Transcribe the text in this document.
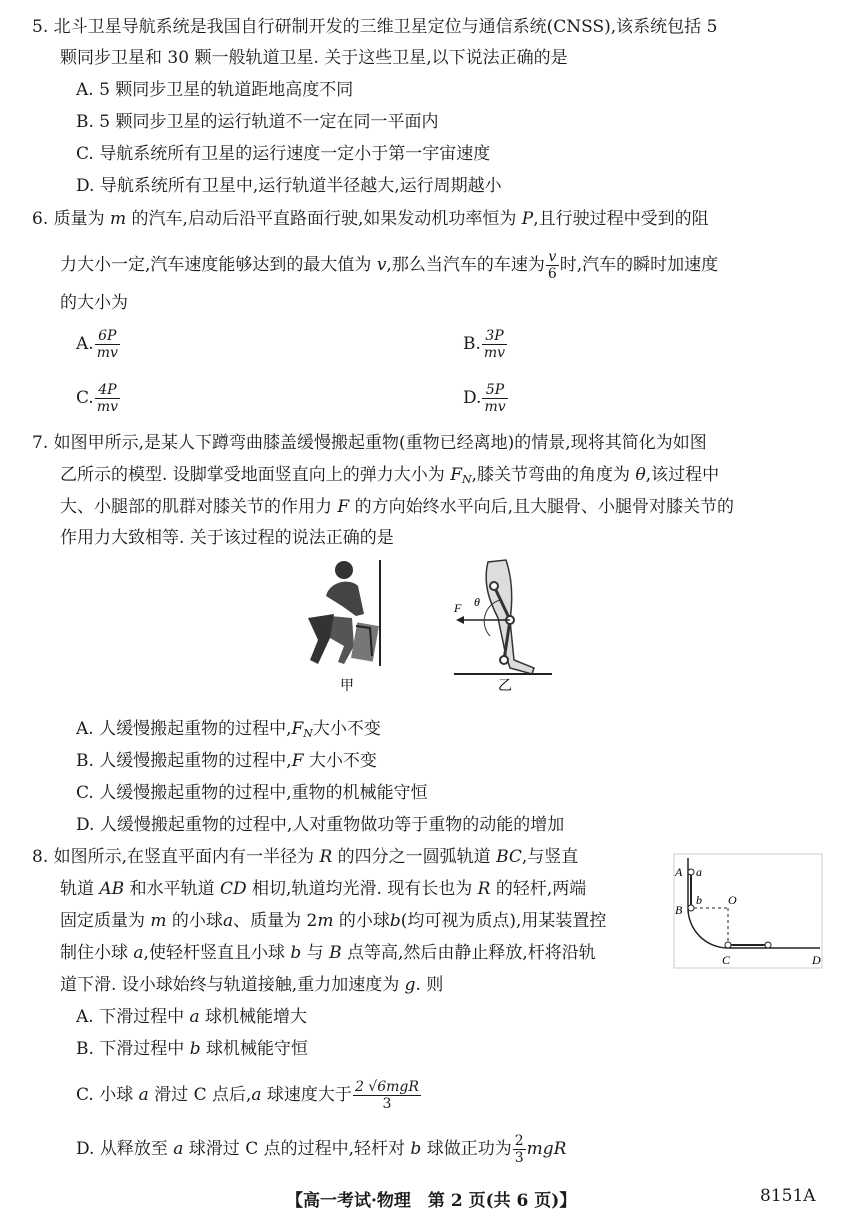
5. 北斗卫星导航系统是我国自行研制开发的三维卫星定位与通信系统(CNSS),该系统包括 5
颗同步卫星和 30 颗一般轨道卫星. 关于这些卫星,以下说法正确的是
A. 5 颗同步卫星的轨道距地高度不同
B. 5 颗同步卫星的运行轨道不一定在同一平面内
C. 导航系统所有卫星的运行速度一定小于第一宇宙速度
D. 导航系统所有卫星中,运行轨道半径越大,运行周期越小
6. 质量为 m 的汽车,启动后沿平直路面行驶,如果发动机功率恒为 P,且行驶过程中受到的阻
力大小一定,汽车速度能够达到的最大值为 v,那么当汽车的车速为 $\frac{v}{6}$ 时,汽车的瞬时加速度
的大小为
A. $\frac{6P}{mv}$	B. $\frac{3P}{mv}$
C. $\frac{4P}{mv}$	D. $\frac{5P}{mv}$
7. 如图甲所示,是某人下蹲弯曲膝盖缓慢搬起重物(重物已经离地)的情景,现将其简化为如图
乙所示的模型. 设脚掌受地面竖直向上的弹力大小为 $F_N$,膝关节弯曲的角度为 θ,该过程中
大、小腿部的肌群对膝关节的作用力 F 的方向始终水平向后,且大腿骨、小腿骨对膝关节的
作用力大致相等. 关于该过程的说法正确的是
甲
F θ
乙
A. 人缓慢搬起重物的过程中$,F_N$大小不变
B. 人缓慢搬起重物的过程中,F 大小不变
C. 人缓慢搬起重物的过程中,重物的机械能守恒
D. 人缓慢搬起重物的过程中,人对重物做功等于重物的动能的增加
8. 如图所示,在竖直平面内有一半径为 R 的四分之一圆弧轨道 BC,与竖直
轨道 AB 和水平轨道 CD 相切,轨道均光滑. 现有长也为 R 的轻杆,两端
固定质量为 m 的小球a、质量为 2m 的小球b(均可视为质点),用某装置控
制住小球 a,使轻杆竖直且小球 b 与 B 点等高,然后由静止释放,杆将沿轨
道下滑. 设小球始终与轨道接触,重力加速度为 g. 则
A a
b
B
O
C	D
A. 下滑过程中 a 球机械能增大
B. 下滑过程中 b 球机械能守恒
C. 小球 a 滑过 C 点后,a 球速度大于 $\frac{\text{2 √6mgR}}{3}$
D. 从释放至 a 球滑过 C 点的过程中,轻杆对 b 球做正功为 $\frac{2}{3}$ mgR
【高一考试·物理　第 2 页(共 6 页)】	8151A
